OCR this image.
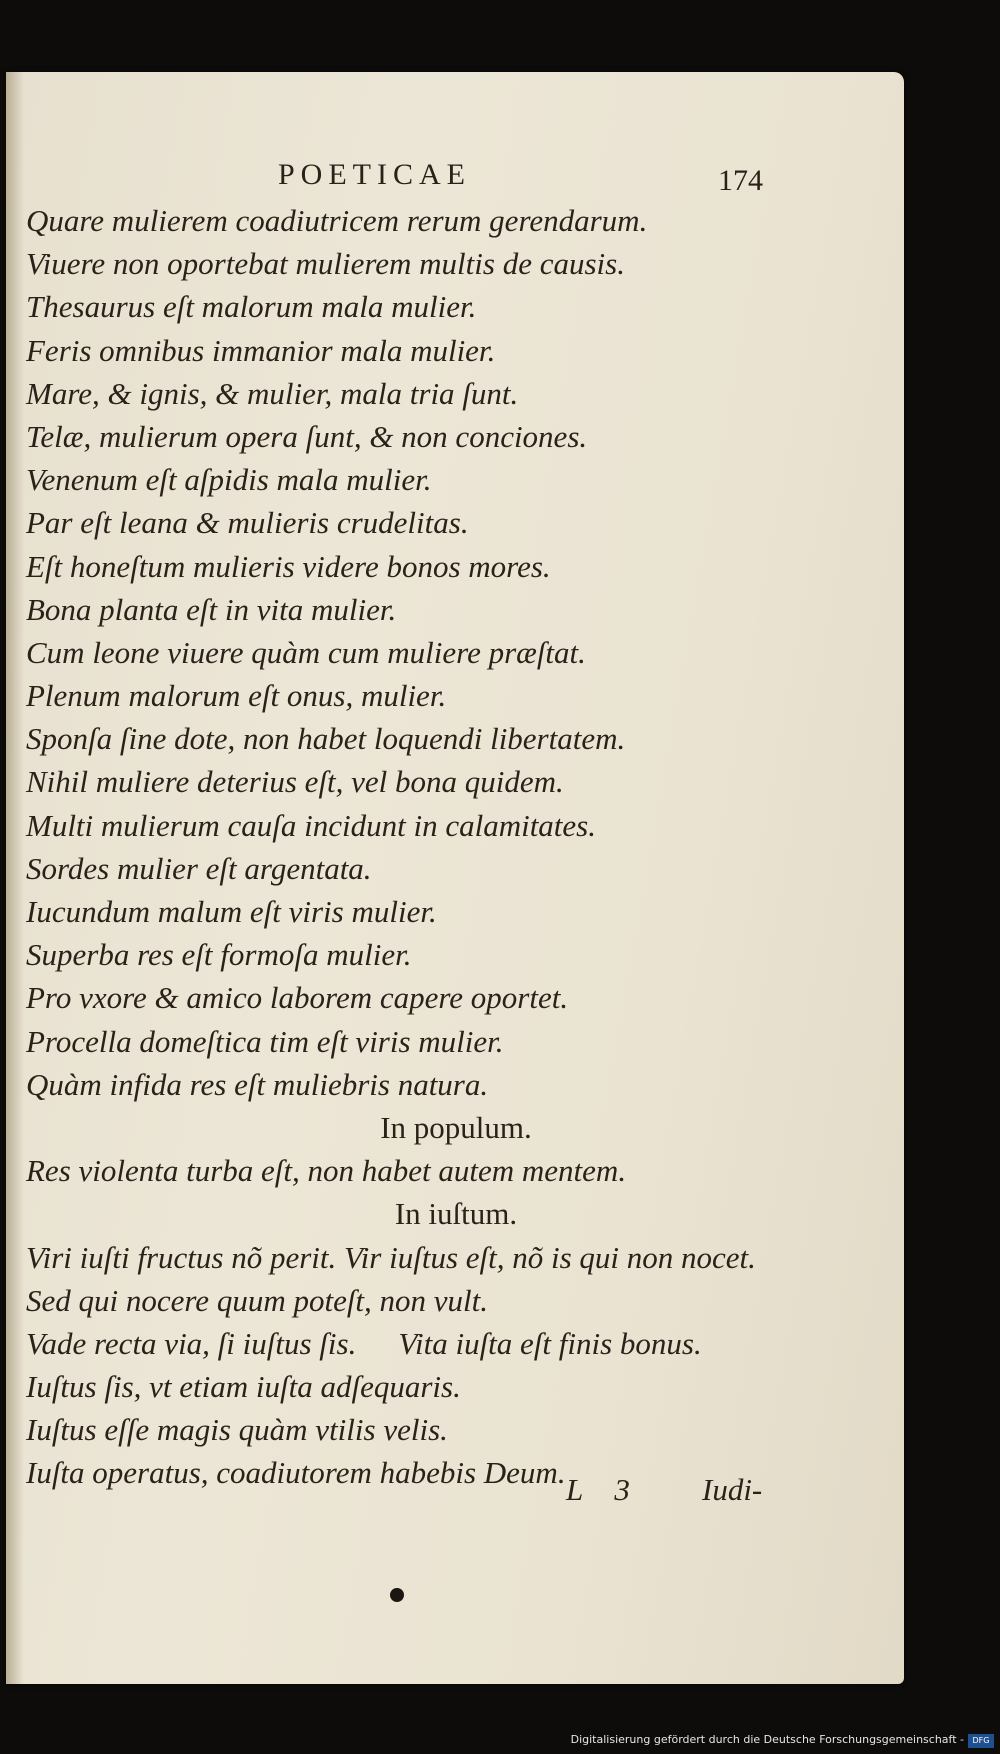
POETICAE	174
Quare mulierem coadiutricem rerum gerendarum.
Viuere non oportebat mulierem multis de causis.
Thesaurus eſt malorum mala mulier.
Feris omnibus immanior mala mulier.
Mare, & ignis, & mulier, mala tria ſunt.
Telæ, mulierum opera ſunt, & non conciones.
Venenum eſt aſpidis mala mulier.
Par eſt leana & mulieris crudelitas.
Eſt honeſtum mulieris videre bonos mores.
Bona planta eſt in vita mulier.
Cum leone viuere quàm cum muliere præſtat.
Plenum malorum eſt onus, mulier.
Sponſa ſine dote, non habet loquendi libertatem.
Nihil muliere deterius eſt, vel bona quidem.
Multi mulierum cauſa incidunt in calamitates.
Sordes mulier eſt argentata.
Iucundum malum eſt viris mulier.
Superba res eſt formoſa mulier.
Pro vxore & amico laborem capere oportet.
Procella domeſtica tim eſt viris mulier.
Quàm infida res eſt muliebris natura.
In populum.
Res violenta turba eſt, non habet autem mentem.
In iuſtum.
Viri iuſti fructus nõ perit. Vir iuſtus eſt, nõ is qui non nocet.
Sed qui nocere quum poteſt, non vult.
Vade recta via, ſi iuſtus ſis. Vita iuſta eſt finis bonus.
Iuſtus ſis, vt etiam iuſta adſequaris.
Iuſtus eſſe magis quàm vtilis velis.
Iuſta operatus, coadiutorem habebis Deum. L 3 Iudi-
Digitalisierung gefördert durch die Deutsche Forschungsgemeinschaft -	DFG
